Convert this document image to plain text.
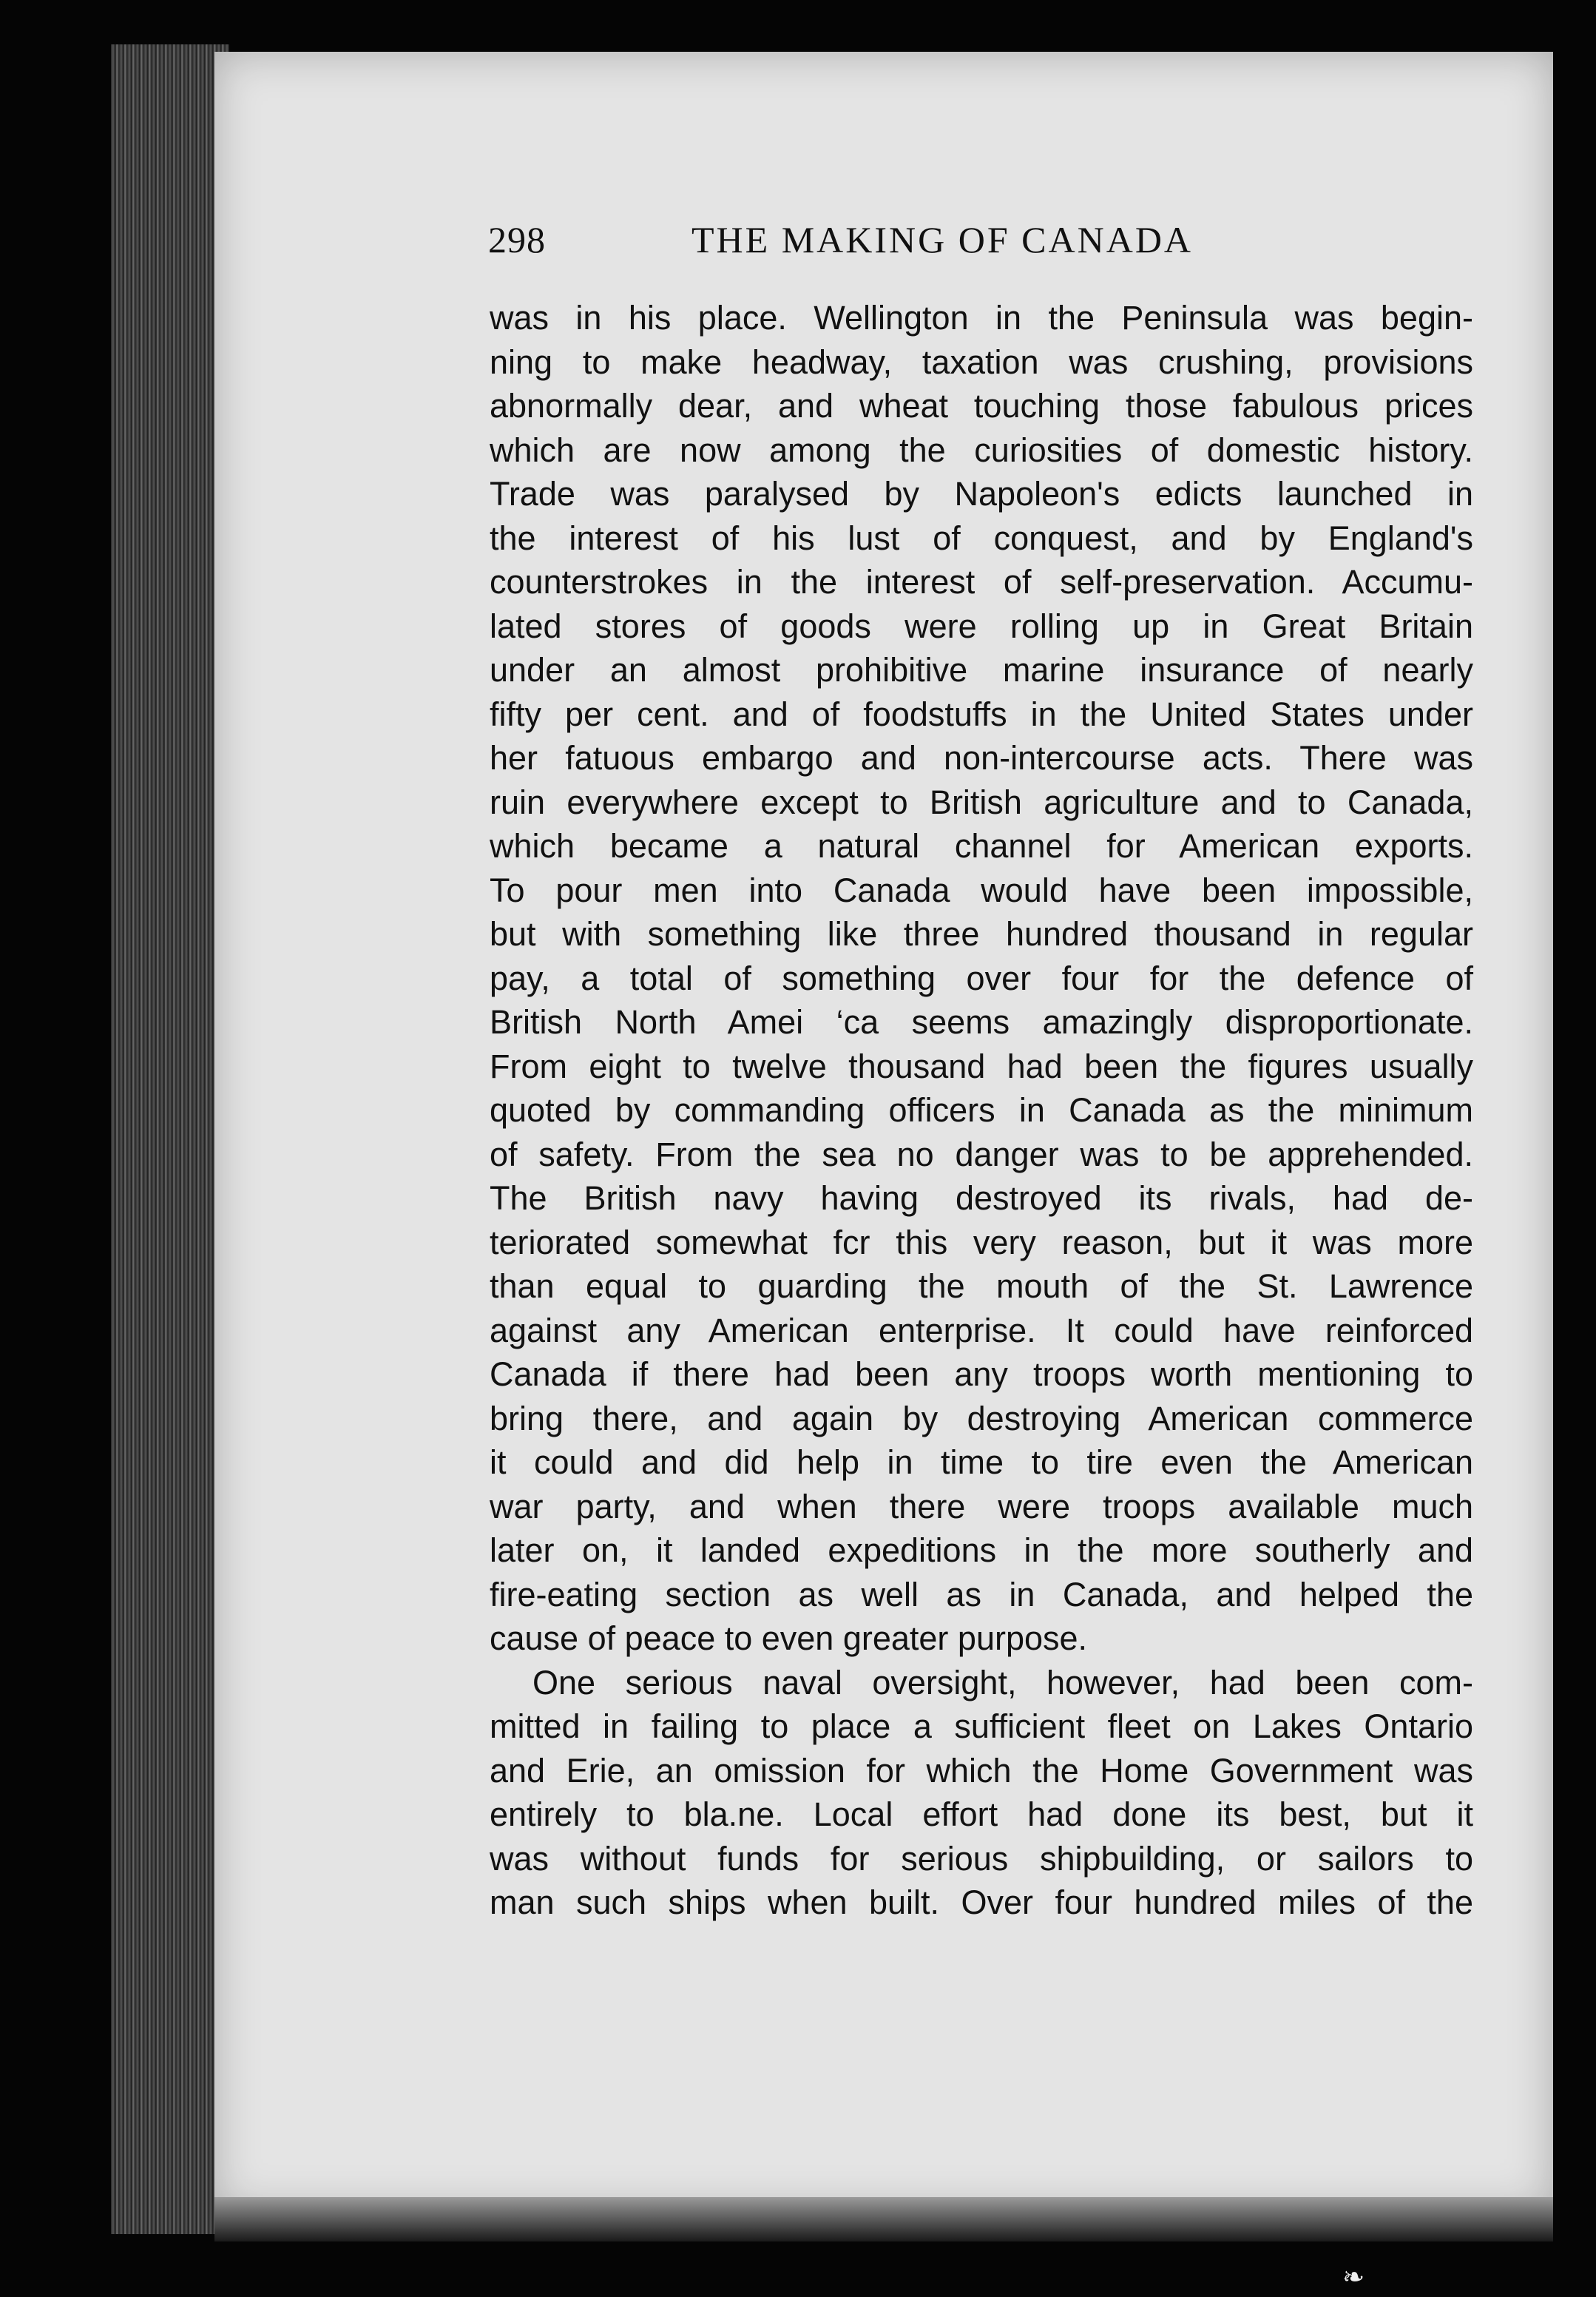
298	THE MAKING OF CANADA
was in his place. Wellington in the Peninsula was begin-
ning to make headway, taxation was crushing, provisions
abnormally dear, and wheat touching those fabulous prices
which are now among the curiosities of domestic history.
Trade was paralysed by Napoleon's edicts launched in
the interest of his lust of conquest, and by England's
counterstrokes in the interest of self-preservation. Accumu-
lated stores of goods were rolling up in Great Britain
under an almost prohibitive marine insurance of nearly
fifty per cent. and of foodstuffs in the United States under
her fatuous embargo and non-intercourse acts. There was
ruin everywhere except to British agriculture and to Canada,
which became a natural channel for American exports.
To pour men into Canada would have been impossible,
but with something like three hundred thousand in regular
pay, a total of something over four for the defence of
British North Amei ‘ca seems amazingly disproportionate.
From eight to twelve thousand had been the figures usually
quoted by commanding officers in Canada as the minimum
of safety. From the sea no danger was to be apprehended.
The British navy having destroyed its rivals, had de-
teriorated somewhat fcr this very reason, but it was more
than equal to guarding the mouth of the St. Lawrence
against any American enterprise. It could have reinforced
Canada if there had been any troops worth mentioning to
bring there, and again by destroying American commerce
it could and did help in time to tire even the American
war party, and when there were troops available much
later on, it landed expeditions in the more southerly and
fire-eating section as well as in Canada, and helped the
cause of peace to even greater purpose.
One serious naval oversight, however, had been com-
mitted in failing to place a sufficient fleet on Lakes Ontario
and Erie, an omission for which the Home Government was
entirely to bla.ne. Local effort had done its best, but it
was without funds for serious shipbuilding, or sailors to
man such ships when built. Over four hundred miles of the
❧
